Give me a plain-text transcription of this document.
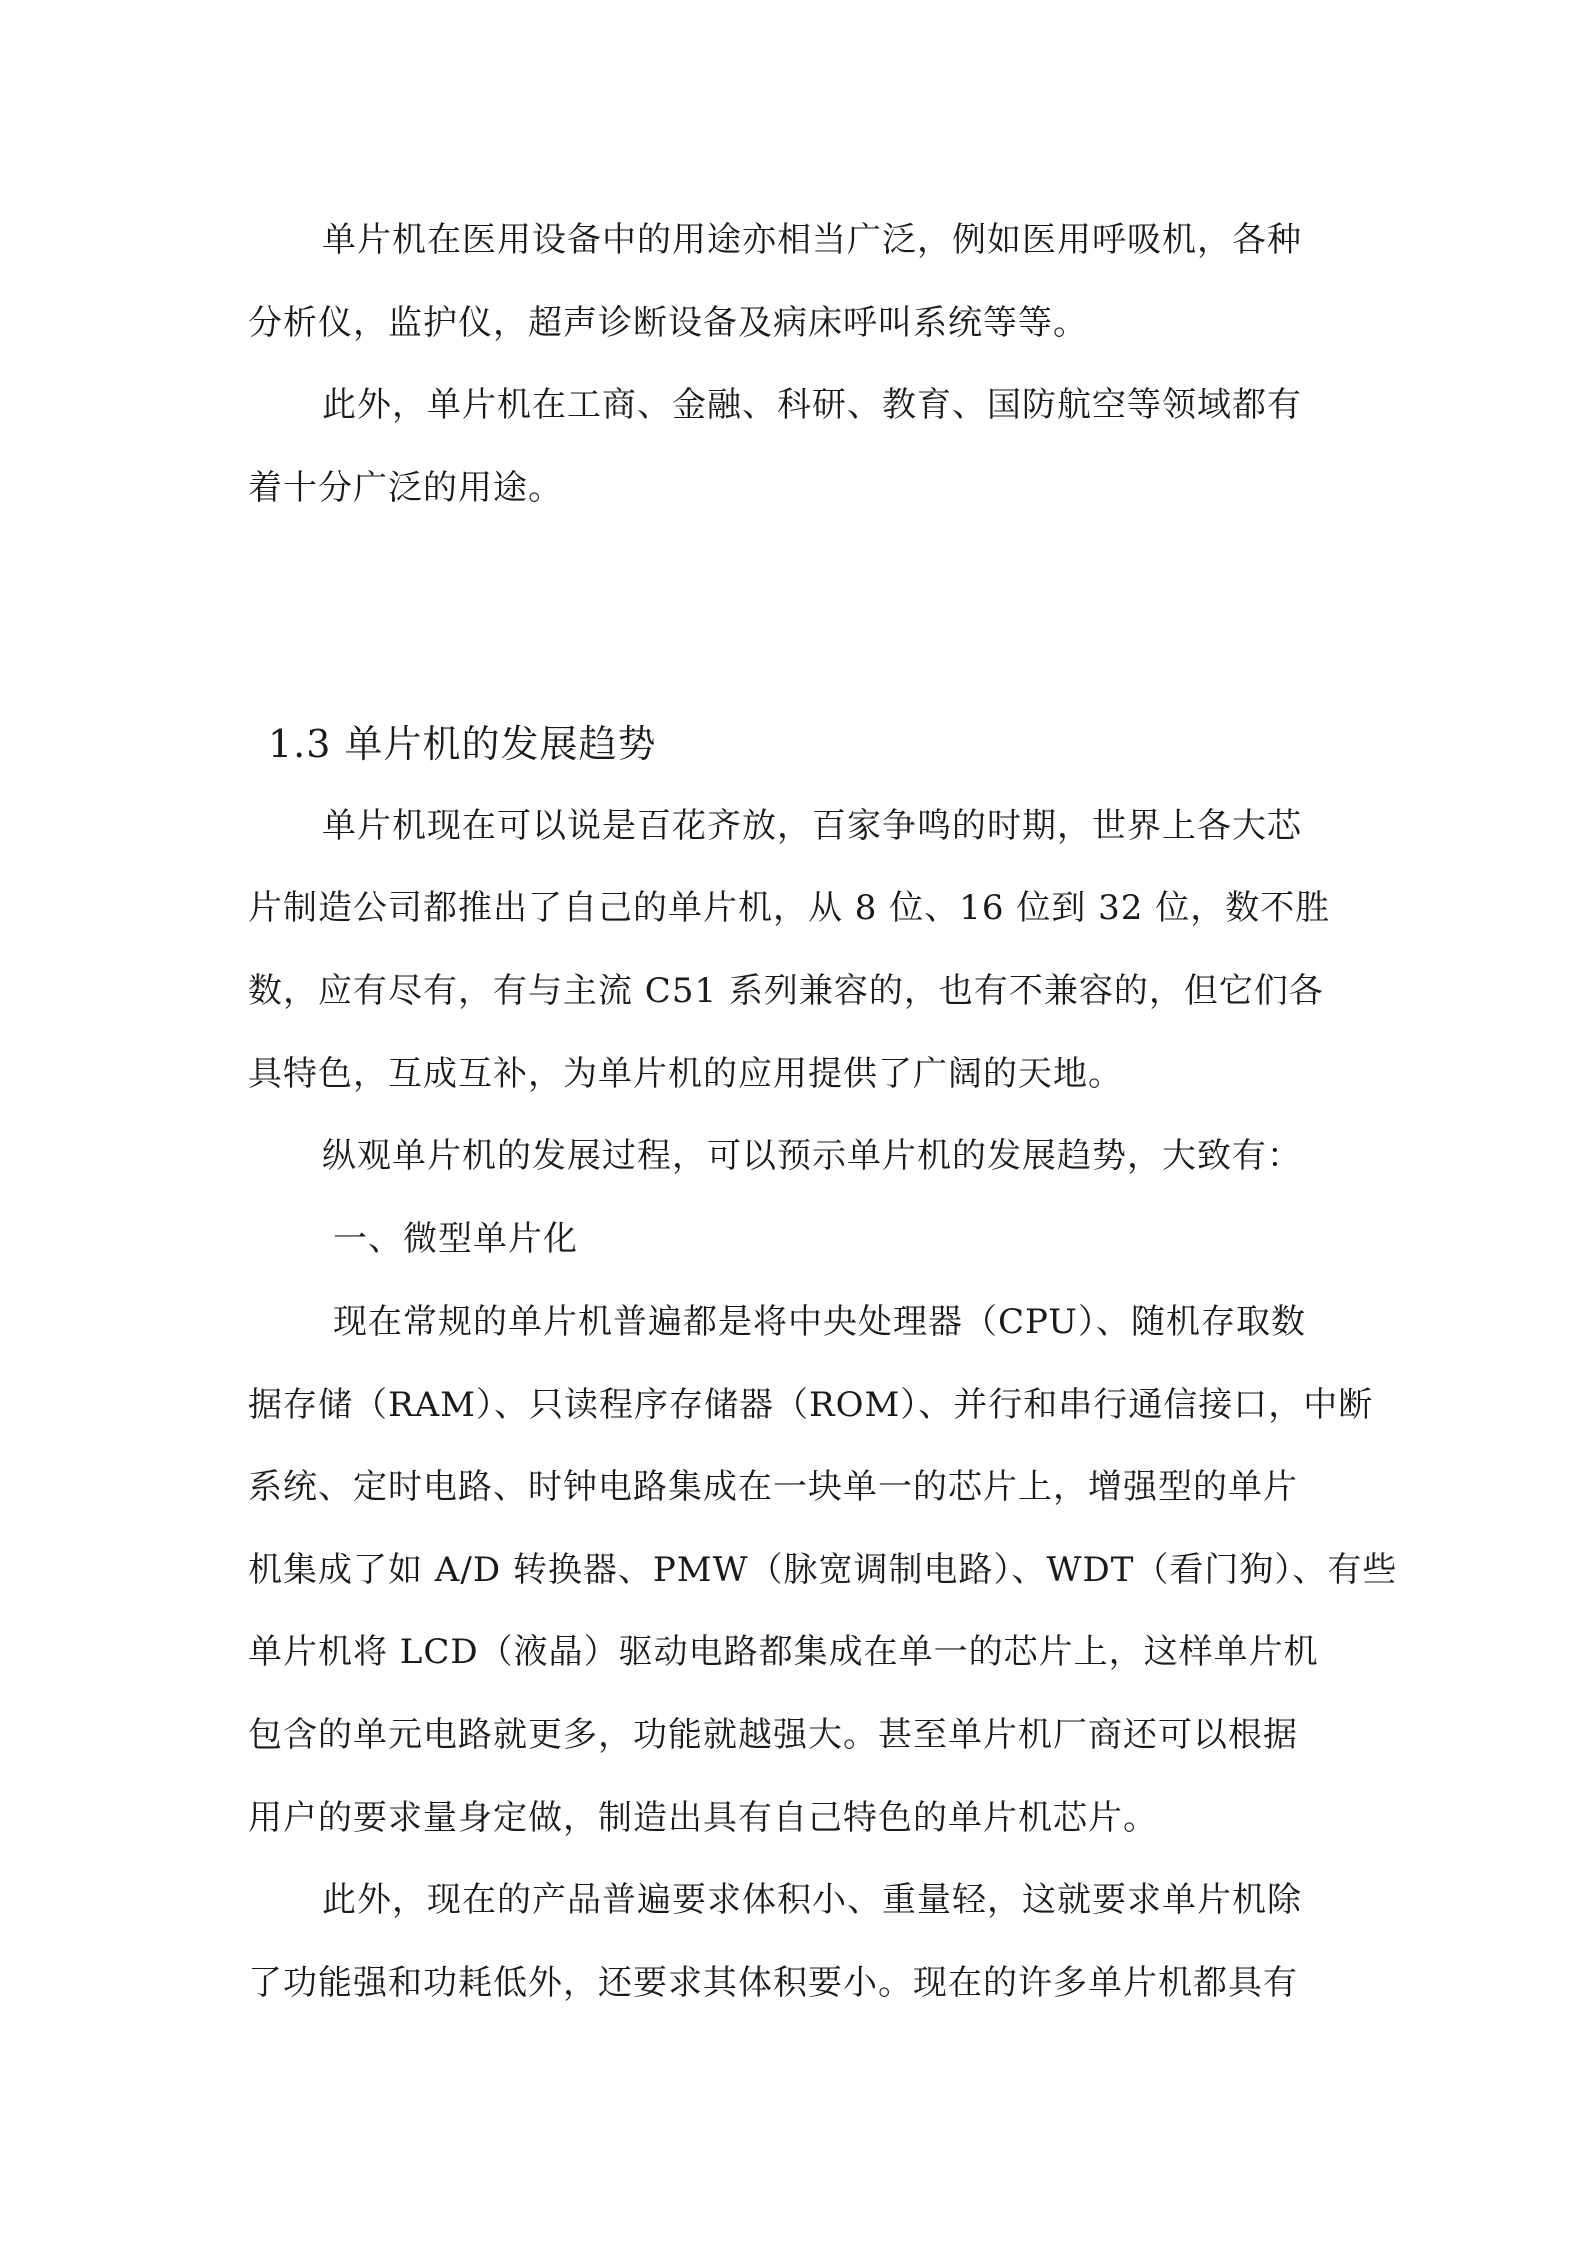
单片机在医用设备中的用途亦相当广泛，例如医用呼吸机，各种
分析仪，监护仪，超声诊断设备及病床呼叫系统等等。
此外，单片机在工商、金融、科研、教育、国防航空等领域都有
着十分广泛的用途。
1.3 单片机的发展趋势
单片机现在可以说是百花齐放，百家争鸣的时期，世界上各大芯
片制造公司都推出了自己的单片机，从 8 位、16 位到 32 位，数不胜
数，应有尽有，有与主流 C51 系列兼容的，也有不兼容的，但它们各
具特色，互成互补，为单片机的应用提供了广阔的天地。
纵观单片机的发展过程，可以预示单片机的发展趋势，大致有：
一、微型单片化
现在常规的单片机普遍都是将中央处理器（CPU）、随机存取数
据存储（RAM）、只读程序存储器（ROM）、并行和串行通信接口，中断
系统、定时电路、时钟电路集成在一块单一的芯片上，增强型的单片
机集成了如 A/D 转换器、PMW（脉宽调制电路）、WDT（看门狗）、有些
单片机将 LCD（液晶）驱动电路都集成在单一的芯片上，这样单片机
包含的单元电路就更多，功能就越强大。甚至单片机厂商还可以根据
用户的要求量身定做，制造出具有自己特色的单片机芯片。
此外，现在的产品普遍要求体积小、重量轻，这就要求单片机除
了功能强和功耗低外，还要求其体积要小。现在的许多单片机都具有
